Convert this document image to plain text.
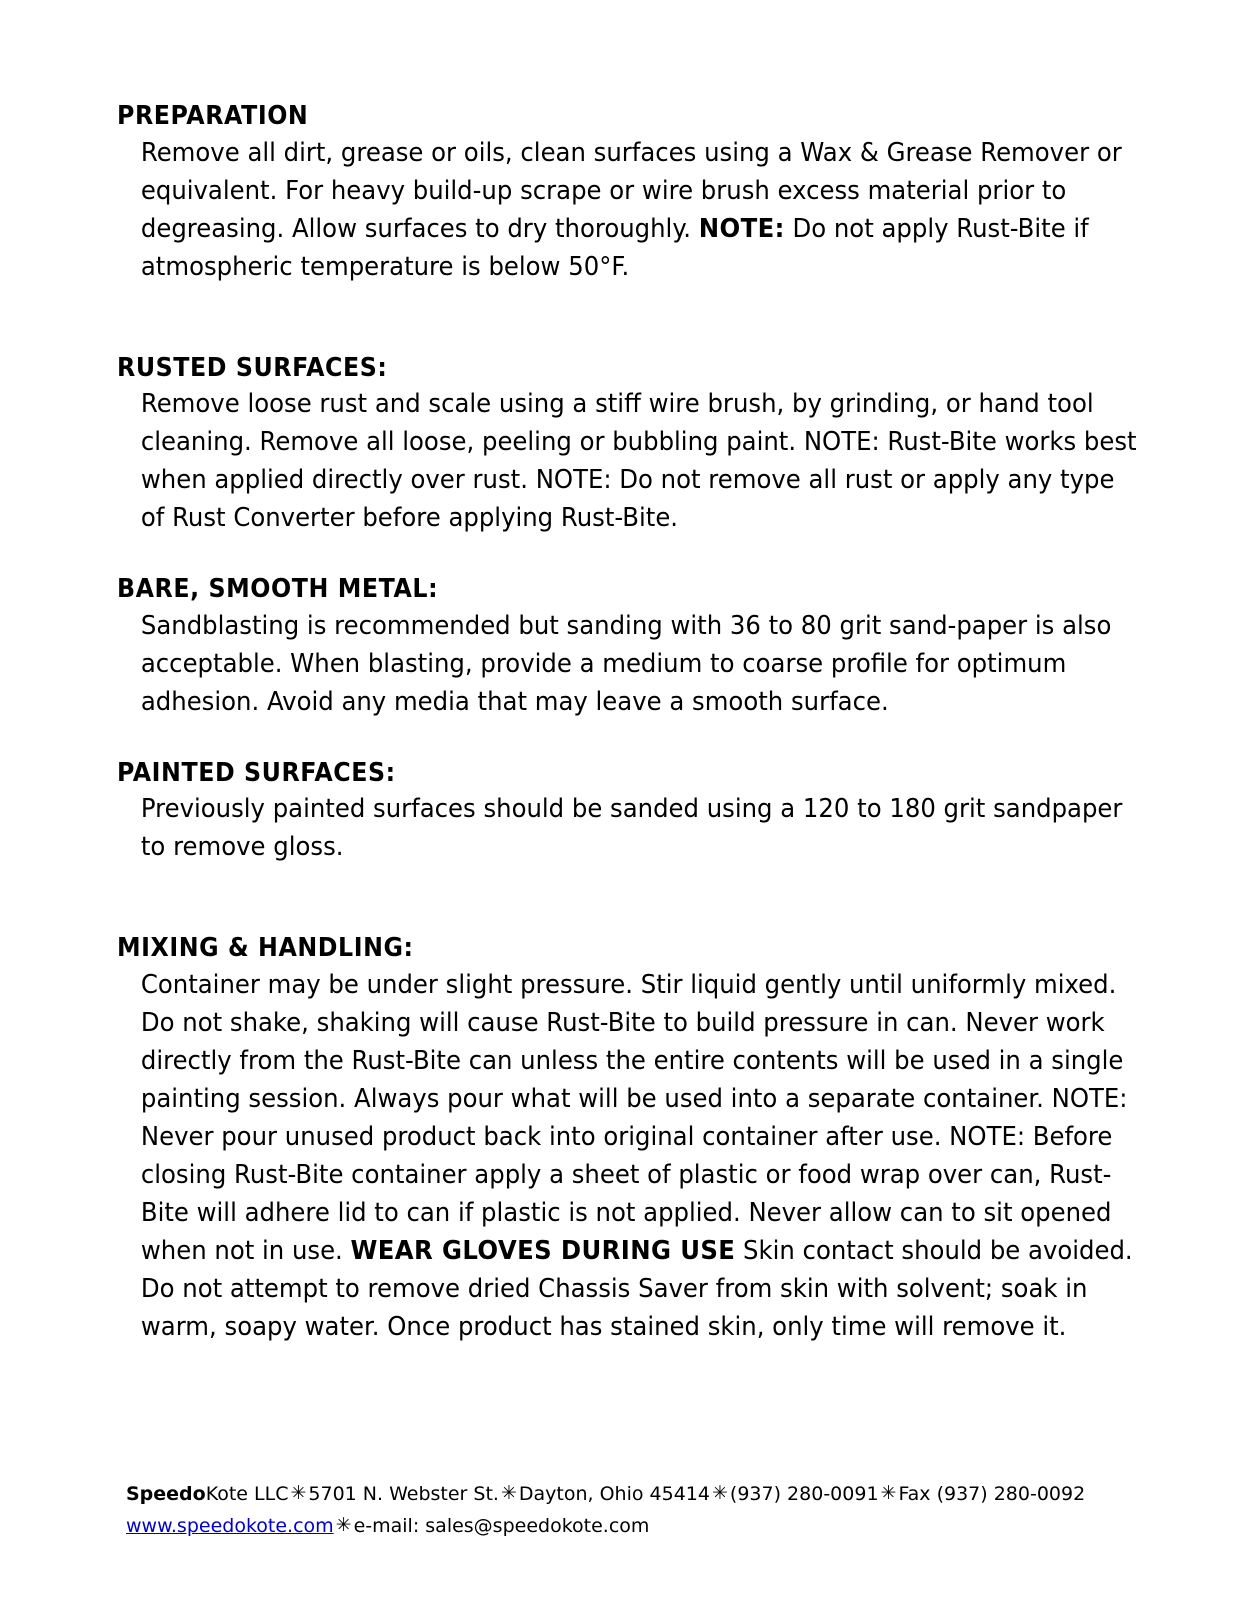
PREPARATION

Remove all dirt, grease or oils, clean surfaces using a Wax & Grease Remover or equivalent. For heavy build-up scrape or wire brush excess material prior to degreasing. Allow surfaces to dry thoroughly. NOTE: Do not apply Rust-Bite if atmospheric temperature is below 50°F.

RUSTED SURFACES:

Remove loose rust and scale using a stiff wire brush, by grinding, or hand tool cleaning. Remove all loose, peeling or bubbling paint. NOTE: Rust-Bite works best when applied directly over rust. NOTE: Do not remove all rust or apply any type of Rust Converter before applying Rust-Bite.

BARE, SMOOTH METAL:

Sandblasting is recommended but sanding with 36 to 80 grit sand-paper is also acceptable. When blasting, provide a medium to coarse profile for optimum adhesion. Avoid any media that may leave a smooth surface.

PAINTED SURFACES:

Previously painted surfaces should be sanded using a 120 to 180 grit sandpaper to remove gloss.

MIXING & HANDLING:

Container may be under slight pressure. Stir liquid gently until uniformly mixed. Do not shake, shaking will cause Rust-Bite to build pressure in can. Never work directly from the Rust-Bite can unless the entire contents will be used in a single painting session. Always pour what will be used into a separate container. NOTE: Never pour unused product back into original container after use. NOTE: Before closing Rust-Bite container apply a sheet of plastic or food wrap over can, Rust-Bite will adhere lid to can if plastic is not applied. Never allow can to sit opened when not in use. WEAR GLOVES DURING USE Skin contact should be avoided. Do not attempt to remove dried Chassis Saver from skin with solvent; soak in warm, soapy water. Once product has stained skin, only time will remove it.

SpeedoKote LLC ✳ 5701 N. Webster St. ✳ Dayton, Ohio 45414 ✳ (937) 280-0091 ✳ Fax (937) 280-0092
www.speedokote.com ✳ e-mail: sales@speedokote.com
